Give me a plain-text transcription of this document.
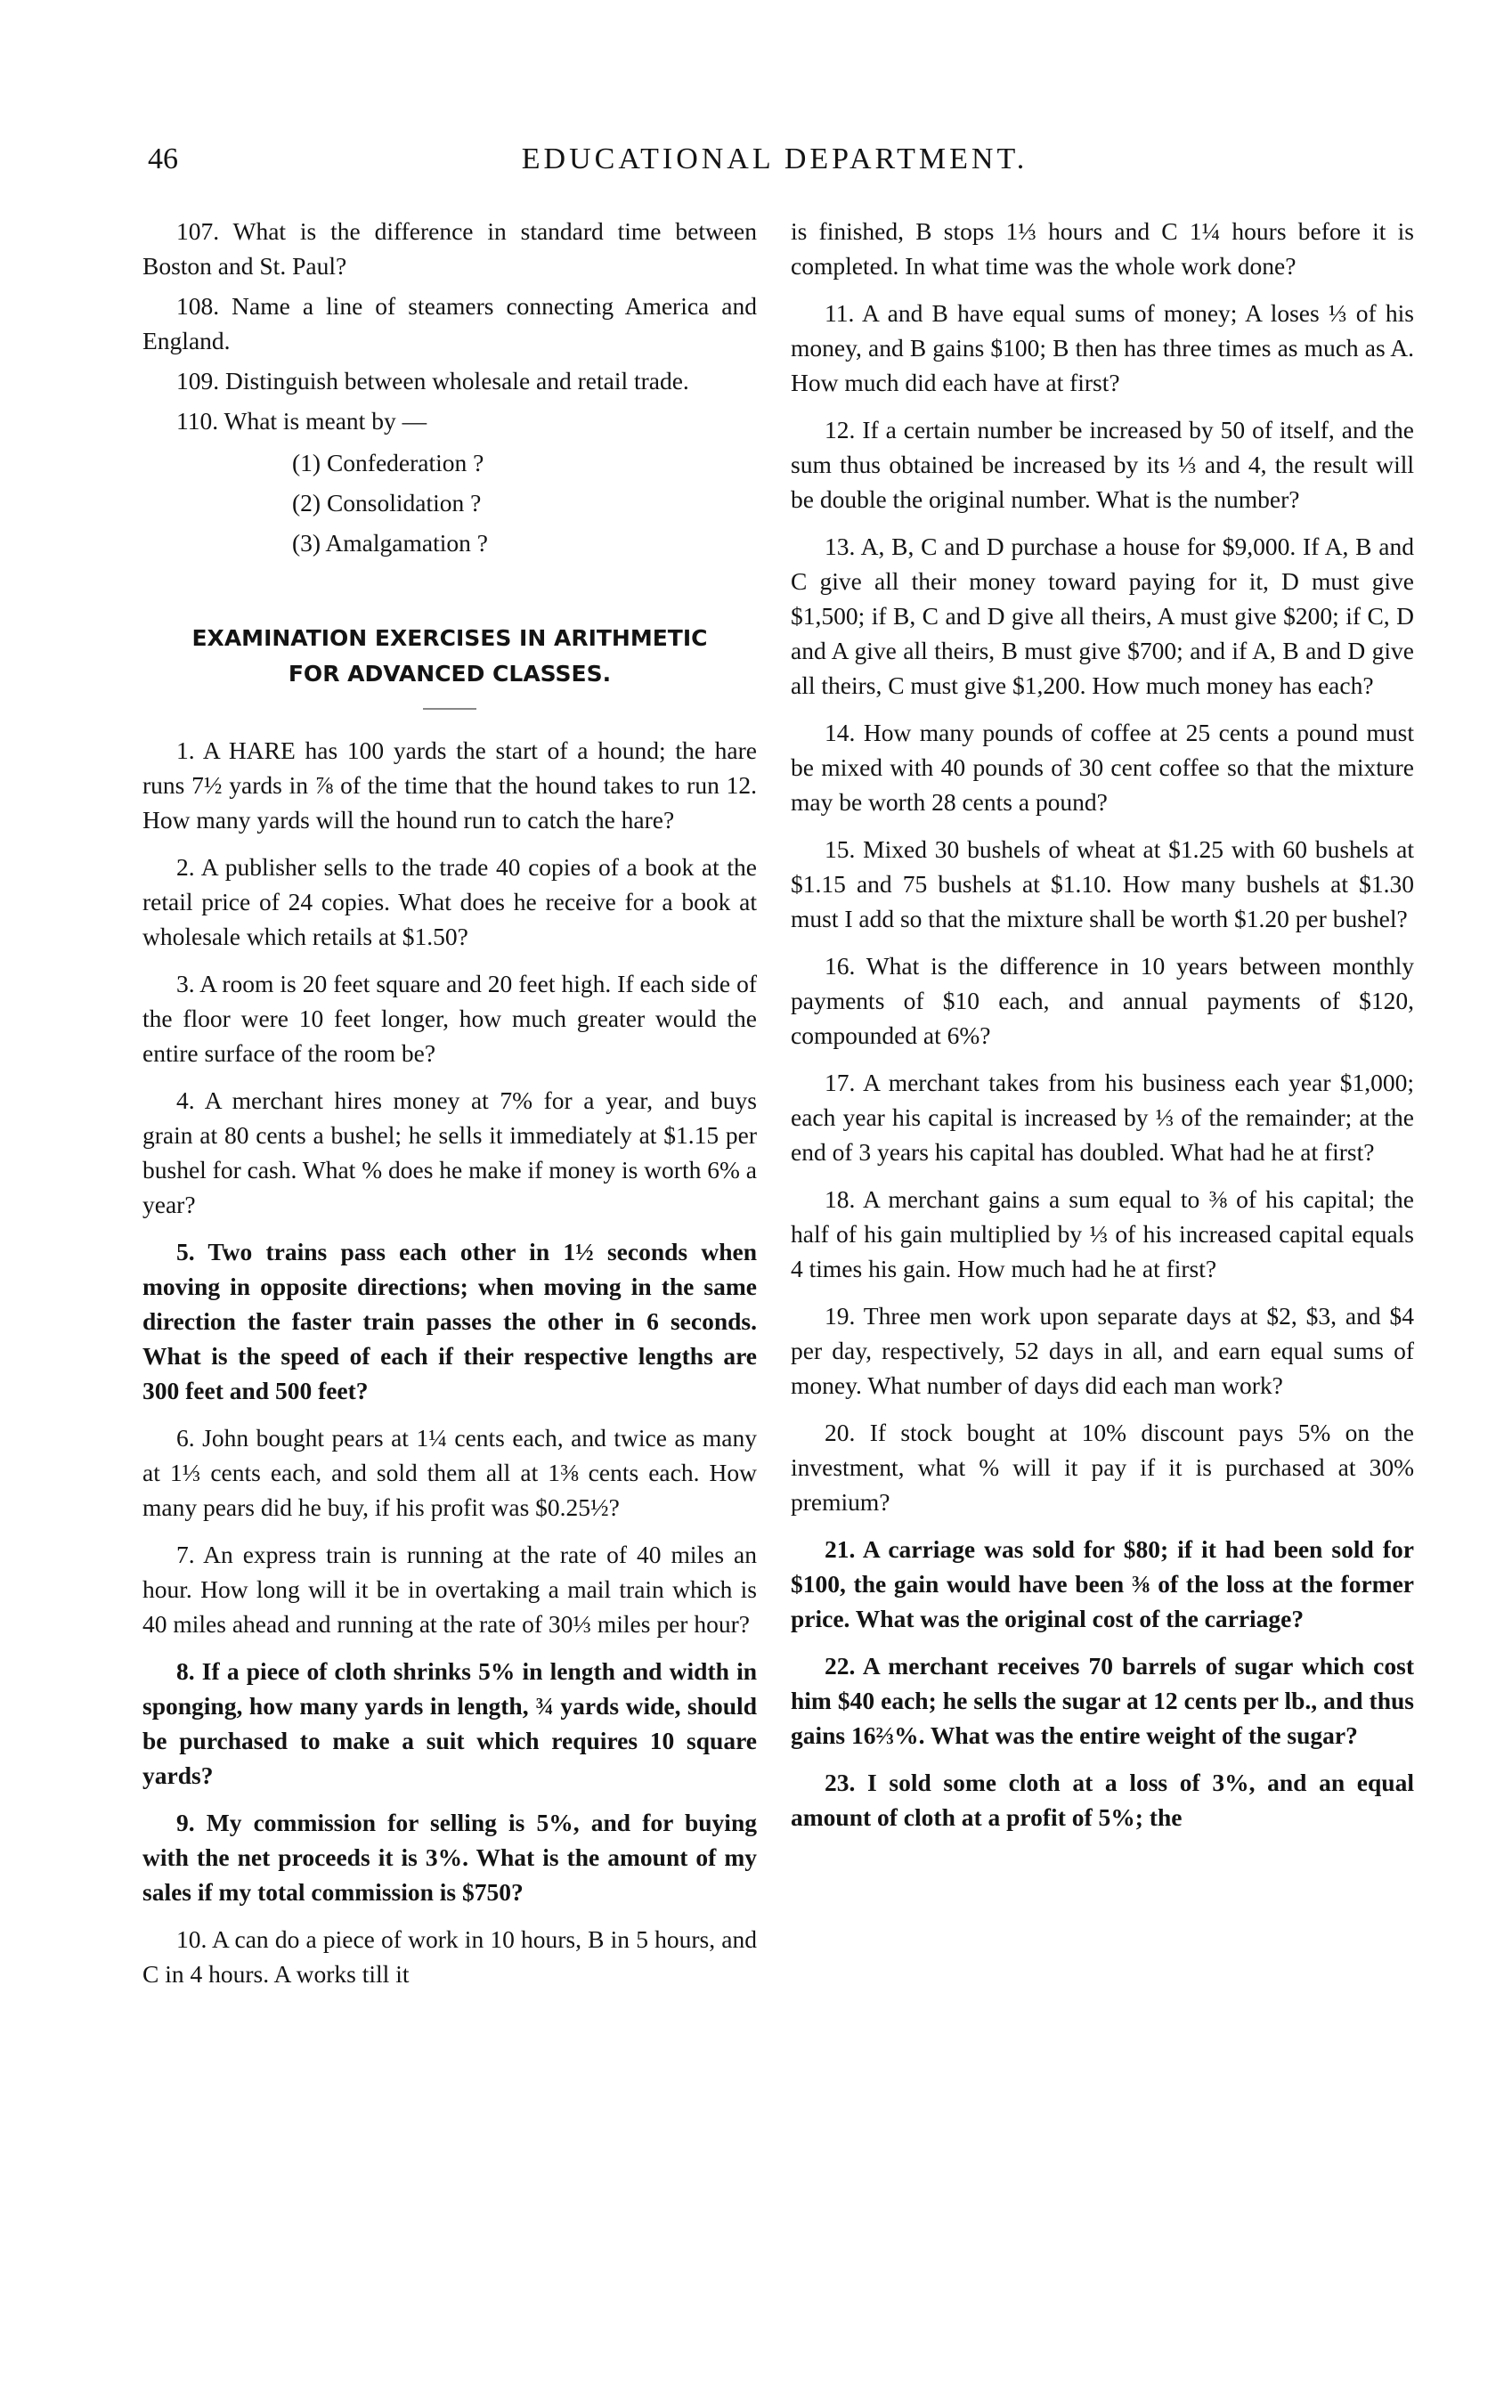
46	EDUCATIONAL DEPARTMENT.

107. What is the difference in standard time between Boston and St. Paul?

108. Name a line of steamers connecting America and England.

109. Distinguish between wholesale and retail trade.

110. What is meant by —

(1) Confederation ?
(2) Consolidation ?
(3) Amalgamation ?
EXAMINATION EXERCISES IN ARITHMETIC
FOR ADVANCED CLASSES.

1. A HARE has 100 yards the start of a hound; the hare runs 7½ yards in ⅞ of the time that the hound takes to run 12. How many yards will the hound run to catch the hare?

2. A publisher sells to the trade 40 copies of a book at the retail price of 24 copies. What does he receive for a book at wholesale which retails at $1.50?

3. A room is 20 feet square and 20 feet high. If each side of the floor were 10 feet longer, how much greater would the entire surface of the room be?

4. A merchant hires money at 7% for a year, and buys grain at 80 cents a bushel; he sells it immediately at $1.15 per bushel for cash. What % does he make if money is worth 6% a year?

5. Two trains pass each other in 1½ seconds when moving in opposite directions; when moving in the same direction the faster train passes the other in 6 seconds. What is the speed of each if their respective lengths are 300 feet and 500 feet?

6. John bought pears at 1¼ cents each, and twice as many at 1⅓ cents each, and sold them all at 1⅜ cents each. How many pears did he buy, if his profit was $0.25½?

7. An express train is running at the rate of 40 miles an hour. How long will it be in overtaking a mail train which is 40 miles ahead and running at the rate of 30⅓ miles per hour?

8. If a piece of cloth shrinks 5% in length and width in sponging, how many yards in length, ¾ yards wide, should be purchased to make a suit which requires 10 square yards?

9. My commission for selling is 5%, and for buying with the net proceeds it is 3%. What is the amount of my sales if my total commission is $750?

10. A can do a piece of work in 10 hours, B in 5 hours, and C in 4 hours. A works till it

is finished, B stops 1⅓ hours and C 1¼ hours before it is completed. In what time was the whole work done?

11. A and B have equal sums of money; A loses ⅓ of his money, and B gains $100; B then has three times as much as A. How much did each have at first?

12. If a certain number be increased by 50 of itself, and the sum thus obtained be increased by its ⅓ and 4, the result will be double the original number. What is the number?

13. A, B, C and D purchase a house for $9,000. If A, B and C give all their money toward paying for it, D must give $1,500; if B, C and D give all theirs, A must give $200; if C, D and A give all theirs, B must give $700; and if A, B and D give all theirs, C must give $1,200. How much money has each?

14. How many pounds of coffee at 25 cents a pound must be mixed with 40 pounds of 30 cent coffee so that the mixture may be worth 28 cents a pound?

15. Mixed 30 bushels of wheat at $1.25 with 60 bushels at $1.15 and 75 bushels at $1.10. How many bushels at $1.30 must I add so that the mixture shall be worth $1.20 per bushel?

16. What is the difference in 10 years between monthly payments of $10 each, and annual payments of $120, compounded at 6%?

17. A merchant takes from his business each year $1,000; each year his capital is increased by ⅓ of the remainder; at the end of 3 years his capital has doubled. What had he at first?

18. A merchant gains a sum equal to ⅜ of his capital; the half of his gain multiplied by ⅓ of his increased capital equals 4 times his gain. How much had he at first?

19. Three men work upon separate days at $2, $3, and $4 per day, respectively, 52 days in all, and earn equal sums of money. What number of days did each man work?

20. If stock bought at 10% discount pays 5% on the investment, what % will it pay if it is purchased at 30% premium?

21. A carriage was sold for $80; if it had been sold for $100, the gain would have been ⅜ of the loss at the former price. What was the original cost of the carriage?

22. A merchant receives 70 barrels of sugar which cost him $40 each; he sells the sugar at 12 cents per lb., and thus gains 16⅔%. What was the entire weight of the sugar?

23. I sold some cloth at a loss of 3%, and an equal amount of cloth at a profit of 5%; the
